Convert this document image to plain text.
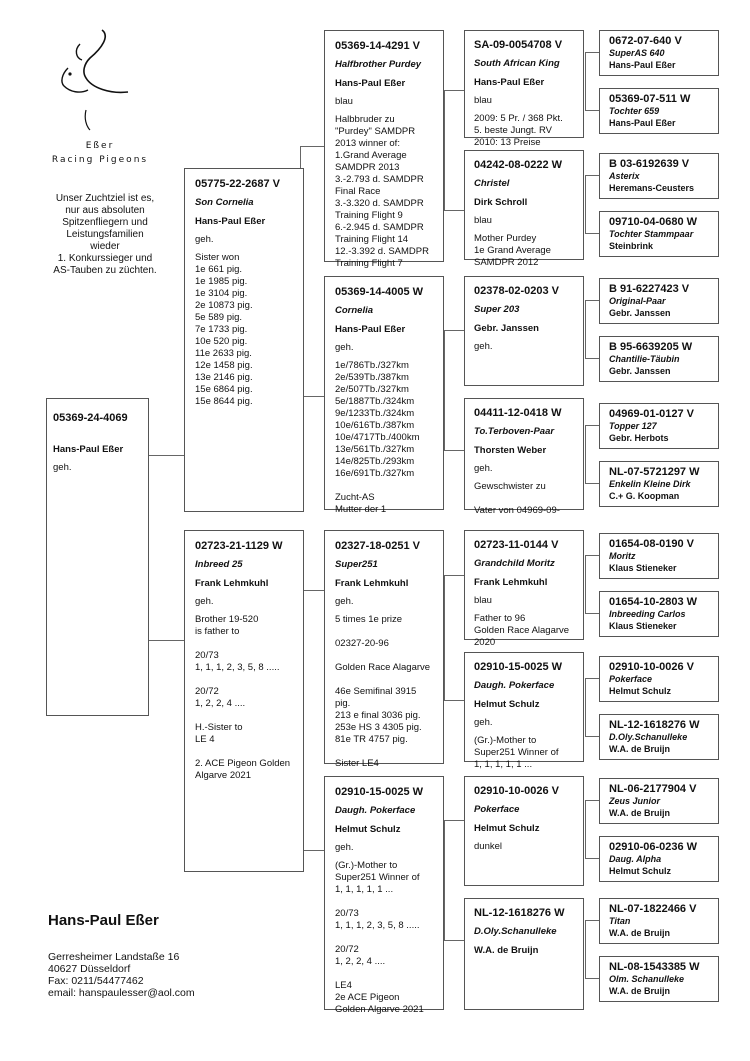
Eßer
Racing Pigeons
Unser Zuchtziel ist es,
nur aus absoluten
Spitzenfliegern und
Leistungsfamilien
wieder
1. Konkurssieger und
AS-Tauben zu züchten.
05369-24-4069
Hans-Paul Eßer
geh.
05775-22-2687 V
Son Cornelia
Hans-Paul Eßer
geh.
Sister won
1e 661 pig.
1e 1985 pig.
1e 3104 pig.
2e 10873 pig.
5e 589 pig.
7e 1733 pig.
10e 520 pig.
11e 2633 pig.
12e 1458 pig.
13e 2146 pig.
15e 6864 pig.
15e 8644 pig.
02723-21-1129 W
Inbreed 25
Frank Lehmkuhl
geh.
Brother 19-520
is father to

20/73
1, 1, 1, 2, 3, 5, 8 .....

20/72
1, 2, 2, 4 ....

H.-Sister to
LE 4

2. ACE Pigeon Golden
Algarve 2021
05369-14-4291 V
Halfbrother Purdey
Hans-Paul Eßer
blau
Halbbruder zu
"Purdey" SAMDPR
2013 winner of:
1.Grand Average
SAMDPR 2013
3.-2.793 d. SAMDPR
Final Race
3.-3.320 d. SAMDPR
Training Flight 9
6.-2.945 d. SAMDPR
Training Flight 14
12.-3.392 d. SAMDPR
Training Flight 7
05369-14-4005 W
Cornelia
Hans-Paul Eßer
geh.
1e/786Tb./327km
2e/539Tb./387km
2e/507Tb./327km
5e/1887Tb./324km
9e/1233Tb./324km
10e/616Tb./387km
10e/4717Tb./400km
13e/561Tb./327km
14e/825Tb./293km
16e/691Tb./327km

Zucht-AS
Mutter der 1
02327-18-0251 V
Super251
Frank Lehmkuhl
geh.
5 times 1e prize

02327-20-96

Golden Race Alagarve

46e Semifinal 3915
pig.
213 e final 3036 pig.
253e HS 3 4305 pig.
81e TR 4757 pig.

Sister LE4
02910-15-0025 W
Daugh. Pokerface
Helmut Schulz
geh.
(Gr.)-Mother to
Super251 Winner of
1, 1, 1, 1, 1 ...

20/73
1, 1, 1, 2, 3, 5, 8 .....

20/72
1, 2, 2, 4 ....

LE4
2e ACE Pigeon
Golden Algarve 2021
SA-09-0054708 V
South African King
Hans-Paul Eßer
blau
2009: 5 Pr. / 368 Pkt.
5. beste Jungt. RV
2010: 13 Preise
04242-08-0222 W
Christel
Dirk Schroll
blau
Mother Purdey
1e Grand Average
SAMDPR 2012
02378-02-0203 V
Super 203
Gebr. Janssen
geh.
04411-12-0418 W
To.Terboven-Paar
Thorsten Weber
geh.
Gewschwister zu

Vater von 04969-09-
02723-11-0144 V
Grandchild Moritz
Frank Lehmkuhl
blau
Father to 96
Golden Race Alagarve
2020
02910-15-0025 W
Daugh. Pokerface
Helmut Schulz
geh.
(Gr.)-Mother to
Super251 Winner of
1, 1, 1, 1, 1 ...
02910-10-0026 V
Pokerface
Helmut Schulz
dunkel
NL-12-1618276 W
D.Oly.Schanulleke
W.A. de Bruijn
0672-07-640 V
SuperAS 640
Hans-Paul Eßer
05369-07-511 W
Tochter 659
Hans-Paul Eßer
B 03-6192639 V
Asterix
Heremans-Ceusters
09710-04-0680 W
Tochter Stammpaar
Steinbrink
B 91-6227423 V
Original-Paar
Gebr. Janssen
B 95-6639205 W
Chantilie-Täubin
Gebr. Janssen
04969-01-0127 V
Topper 127
Gebr. Herbots
NL-07-5721297 W
Enkelin Kleine Dirk
C.+ G. Koopman
01654-08-0190 V
Moritz
Klaus Stieneker
01654-10-2803 W
Inbreeding Carlos
Klaus Stieneker
02910-10-0026 V
Pokerface
Helmut Schulz
NL-12-1618276 W
D.Oly.Schanulleke
W.A. de Bruijn
NL-06-2177904 V
Zeus Junior
W.A. de Bruijn
02910-06-0236 W
Daug. Alpha
Helmut Schulz
NL-07-1822466 V
Titan
W.A. de Bruijn
NL-08-1543385 W
Olm. Schanulleke
W.A. de Bruijn
Hans-Paul Eßer
Gerresheimer Landstaße 16
40627 Düsseldorf
Fax: 0211/54477462
email: hanspaulesser@aol.com
